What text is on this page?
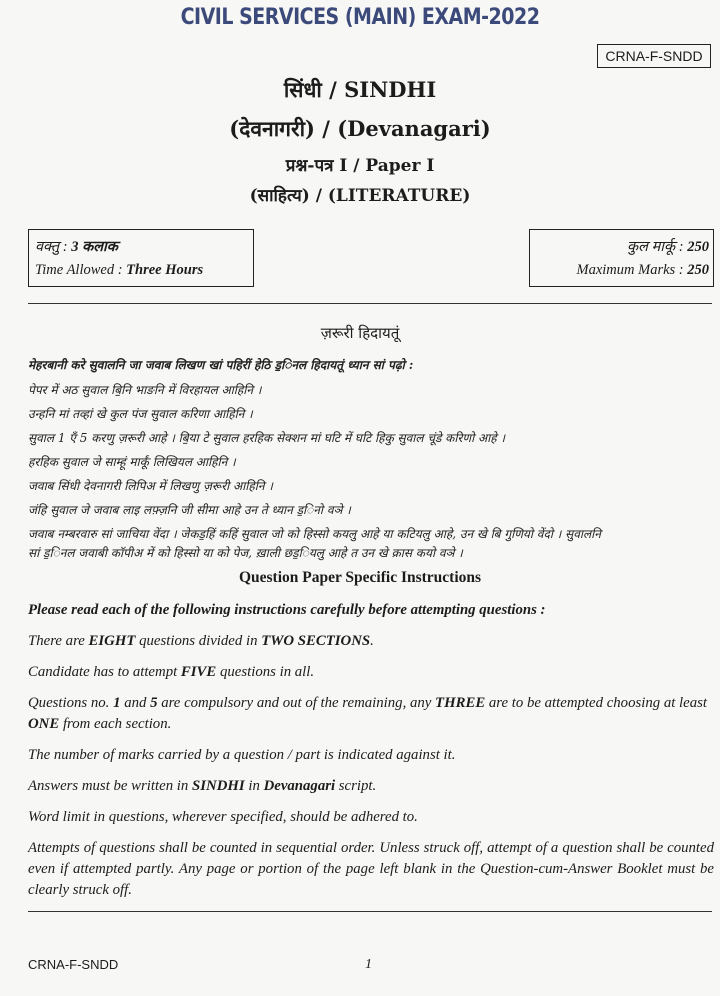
CIVIL SERVICES (MAIN) EXAM-2022
CRNA-F-SNDD
सिंधी / SINDHI
(देवनागरी) / (Devanagari)
प्रश्न-पत्र I / Paper I
(साहित्य) / (LITERATURE)
वक्तु : 3 कलाक
Time Allowed : Three Hours
कुल मार्कू : 250
Maximum Marks : 250
ज़रूरी हिदायतूं
मेहरबानी करे सुवालनि जा जवाब लिखण खां पहिरीं हेठि ड॒िनल हिदायतूं ध्यान सां पढ़ो :
पेपर में अठ सुवाल बि॒नि भाङनि में विरहायल आहिनि ।
उन्हनि मां तव्हां खे कुल पंज सुवाल करिणा आहिनि ।
सुवाल 1 एँ 5 करणु ज़रूरी आहे । बि॒या टे सुवाल हरहिक सेक्शन मां घटि में घटि हिकु सुवाल चूंडे करिणो आहे ।
हरहिक सुवाल जे साम्हूं मार्कूं लिखियल आहिनि ।
जवाब सिंधी देवनागरी लिपिअ में लिखणु ज़रूरी आहिनि ।
जंहि सुवाल जे जवाब लाइ लफ़्ज़नि जी सीमा आहे उन ते ध्यान ड॒िनो वञे ।
जवाब नम्बरवारु सां जाचिया वेंदा । जेकड॒हिं कहिं सुवाल जो को हिस्सो कयलु आहे या कटियलु आहे, उन खे बि गुणियो वेंदो । सुवालनि
सां ड॒िनल जवाबी कॉपीअ में को हिस्सो या को पेज, ख़ाली छड॒ियलु आहे त उन खे क्रास कयो वञे ।
Question Paper Specific Instructions
Please read each of the following instructions carefully before attempting questions :
There are EIGHT questions divided in TWO SECTIONS.
Candidate has to attempt FIVE questions in all.
Questions no. 1 and 5 are compulsory and out of the remaining, any THREE are to be attempted choosing at least ONE from each section.
The number of marks carried by a question / part is indicated against it.
Answers must be written in SINDHI in Devanagari script.
Word limit in questions, wherever specified, should be adhered to.
Attempts of questions shall be counted in sequential order. Unless struck off, attempt of a question shall be counted even if attempted partly. Any page or portion of the page left blank in the Question-cum-Answer Booklet must be clearly struck off.
CRNA-F-SNDD	1
